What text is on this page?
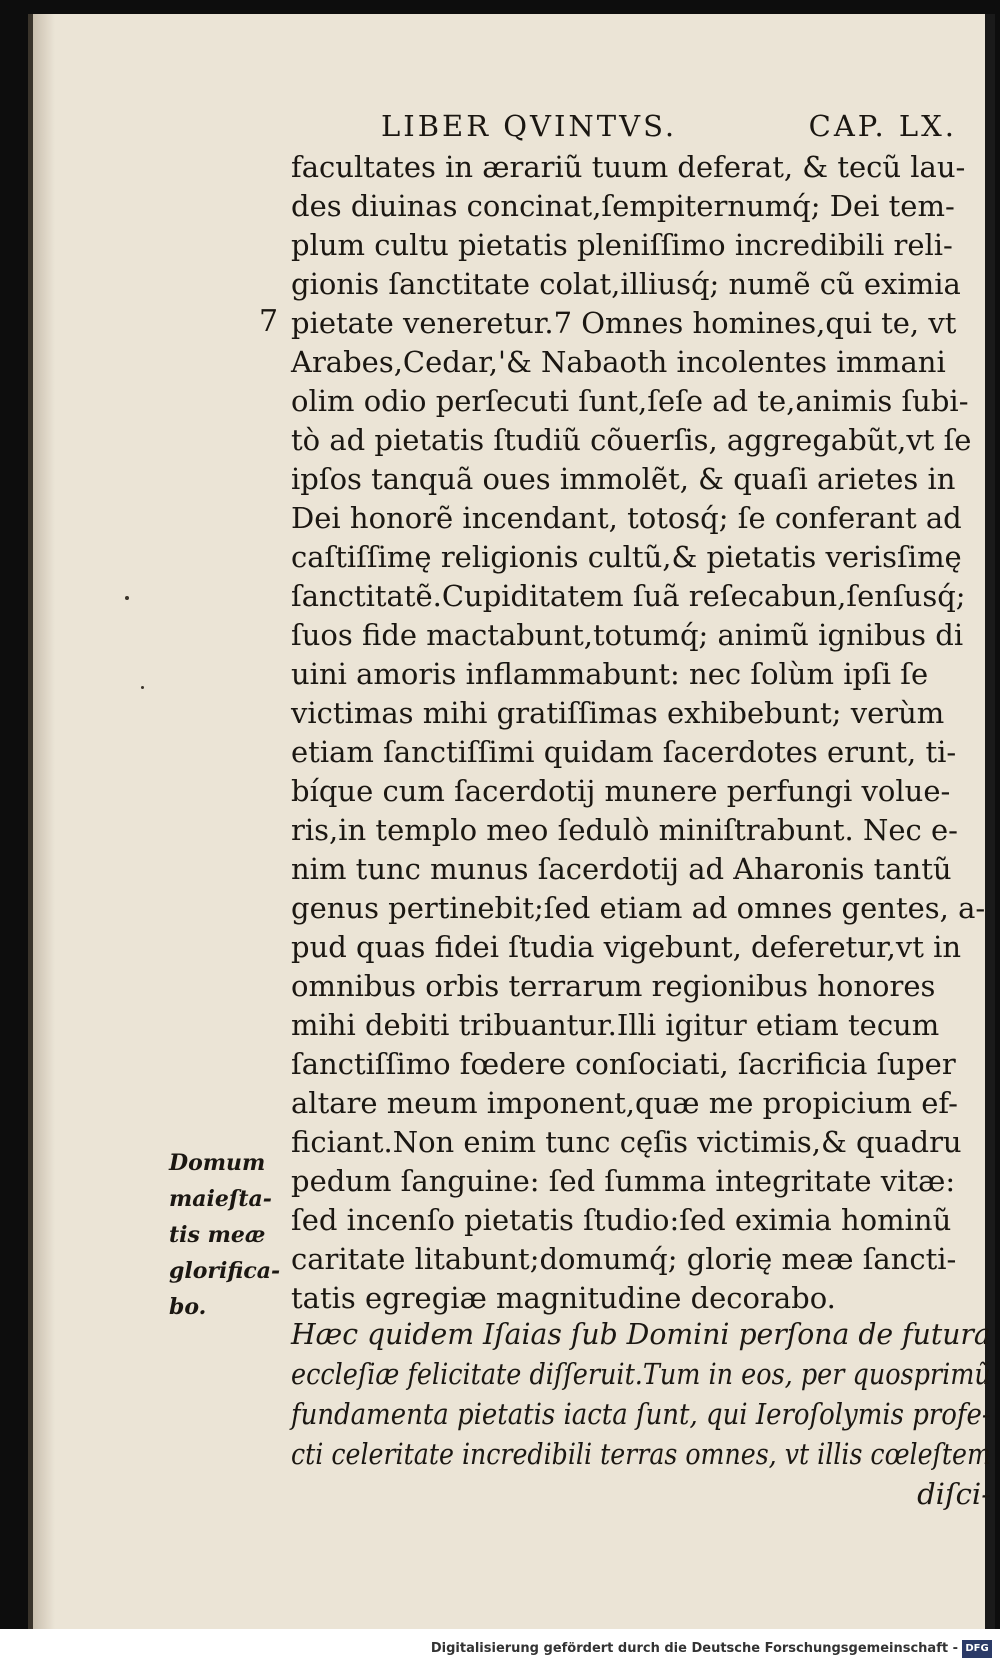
LIBER QVINTVS.	CAP. LX.
7
facultates in ærariũ tuum deferat, & tecũ lau-
des diuinas concinat,ſempiternumq́; Dei tem-
plum cultu pietatis pleniſſimo incredibili reli-
gionis ſanctitate colat,illiusq́; numẽ cũ eximia
pietate veneretur.7 Omnes homines,qui te, vt
Arabes,Cedar,'& Nabaoth incolentes immani
olim odio perſecuti ſunt,ſeſe ad te,animis ſubi-
tò ad pietatis ſtudiũ cõuerſis, aggregabũt,vt ſe
ipſos tanquã oues immolẽt, & quaſi arietes in
Dei honorẽ incendant, totosq́; ſe conferant ad
caſtiſſimę religionis cultũ,& pietatis verisſimę
ſanctitatẽ.Cupiditatem ſuã reſecabun,ſenſusq́;
ſuos fide mactabunt,totumq́; animũ ignibus di
uini amoris inflammabunt: nec ſolùm ipſi ſe
victimas mihi gratiſſimas exhibebunt; verùm
etiam ſanctiſſimi quidam ſacerdotes erunt, ti-
bíque cum ſacerdotij munere perfungi volue-
ris,in templo meo ſedulò miniſtrabunt. Nec e-
nim tunc munus ſacerdotij ad Aharonis tantũ
genus pertinebit;ſed etiam ad omnes gentes, a-
pud quas fidei ſtudia vigebunt, deferetur,vt in
omnibus orbis terrarum regionibus honores
mihi debiti tribuantur.Illi igitur etiam tecum
ſanctiſſimo fœdere conſociati, ſacrificia ſuper
altare meum imponent,quæ me propicium ef-
ficiant.Non enim tunc cęſis victimis,& quadru
pedum ſanguine: ſed ſumma integritate vitæ:
ſed incenſo pietatis ſtudio:ſed eximia hominũ
caritate litabunt;domumq́; glorię meæ ſancti-
tatis egregiæ magnitudine decorabo.
Domum
maieſta-
tis meæ
glorifica-
bo.
Hæc quidem Iſaias ſub Domini perſona de futura
eccleſiæ felicitate diſſeruit.Tum in eos, per quosprimũ
fundamenta pietatis iacta ſunt, qui Ieroſolymis profe-
cti celeritate incredibili terras omnes, vt illis cœleſtem
diſci-
Digitalisierung gefördert durch die Deutsche Forschungsgemeinschaft - DFG
